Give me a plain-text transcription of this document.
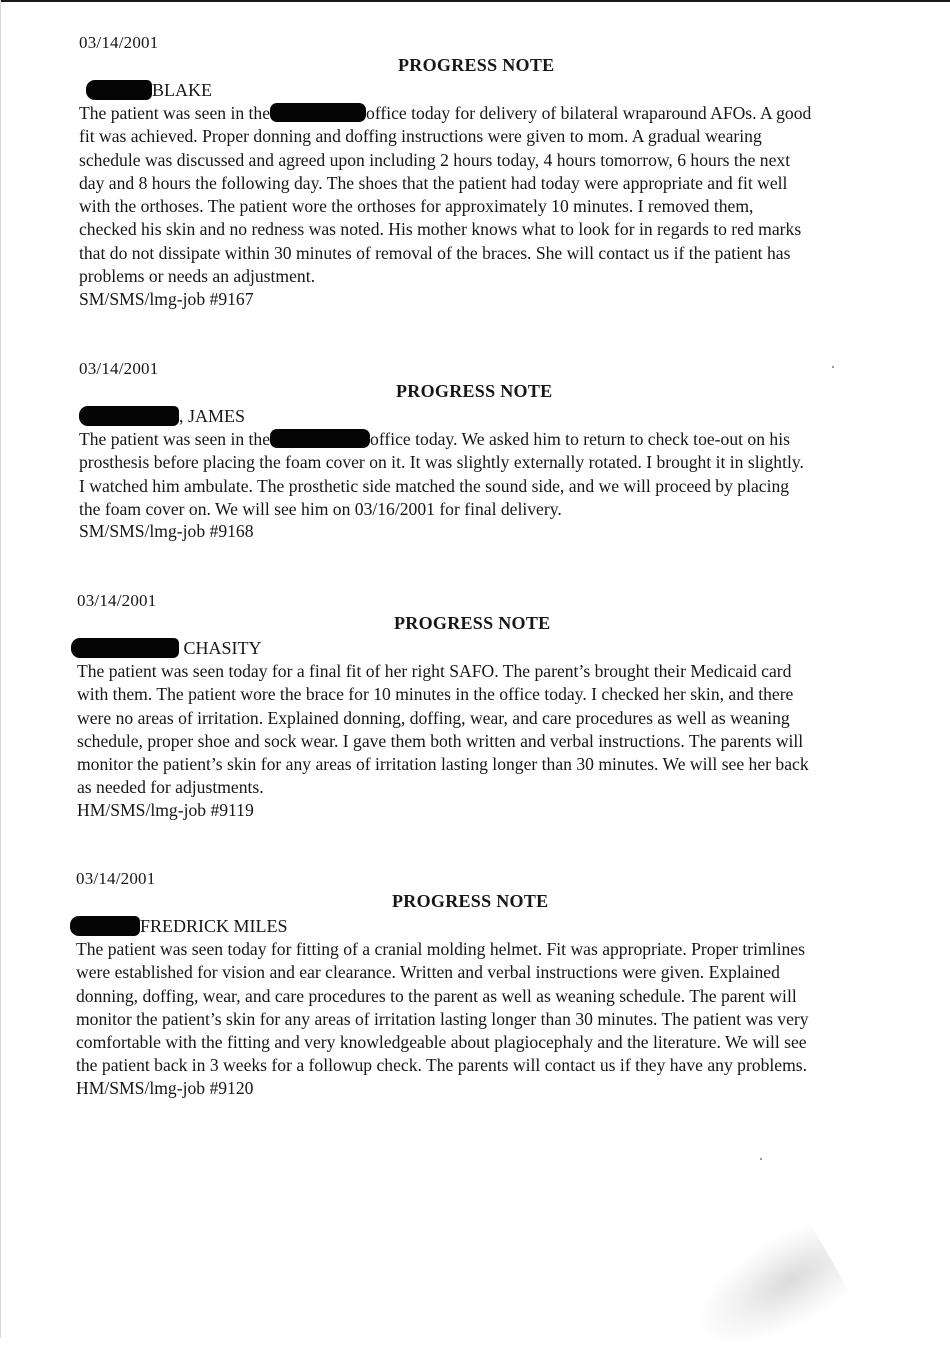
03/14/2001
PROGRESS NOTE
BLAKE
The patient was seen in the	office today for delivery of bilateral wraparound AFOs. A good
fit was achieved. Proper donning and doffing instructions were given to mom. A gradual wearing
schedule was discussed and agreed upon including 2 hours today, 4 hours tomorrow, 6 hours the next
day and 8 hours the following day. The shoes that the patient had today were appropriate and fit well
with the orthoses. The patient wore the orthoses for approximately 10 minutes. I removed them,
checked his skin and no redness was noted. His mother knows what to look for in regards to red marks
that do not dissipate within 30 minutes of removal of the braces. She will contact us if the patient has
problems or needs an adjustment.
SM/SMS/lmg-job #9167
03/14/2001
PROGRESS NOTE
, JAMES
The patient was seen in the	office today. We asked him to return to check toe-out on his
prosthesis before placing the foam cover on it. It was slightly externally rotated. I brought it in slightly.
I watched him ambulate. The prosthetic side matched the sound side, and we will proceed by placing
the foam cover on. We will see him on 03/16/2001 for final delivery.
SM/SMS/lmg-job #9168
03/14/2001
PROGRESS NOTE
CHASITY
The patient was seen today for a final fit of her right SAFO. The parent’s brought their Medicaid card
with them. The patient wore the brace for 10 minutes in the office today. I checked her skin, and there
were no areas of irritation. Explained donning, doffing, wear, and care procedures as well as weaning
schedule, proper shoe and sock wear. I gave them both written and verbal instructions. The parents will
monitor the patient’s skin for any areas of irritation lasting longer than 30 minutes. We will see her back
as needed for adjustments.
HM/SMS/lmg-job #9119
03/14/2001
PROGRESS NOTE
FREDRICK MILES
The patient was seen today for fitting of a cranial molding helmet. Fit was appropriate. Proper trimlines
were established for vision and ear clearance. Written and verbal instructions were given. Explained
donning, doffing, wear, and care procedures to the parent as well as weaning schedule. The parent will
monitor the patient’s skin for any areas of irritation lasting longer than 30 minutes. The patient was very
comfortable with the fitting and very knowledgeable about plagiocephaly and the literature. We will see
the patient back in 3 weeks for a followup check. The parents will contact us if they have any problems.
HM/SMS/lmg-job #9120
